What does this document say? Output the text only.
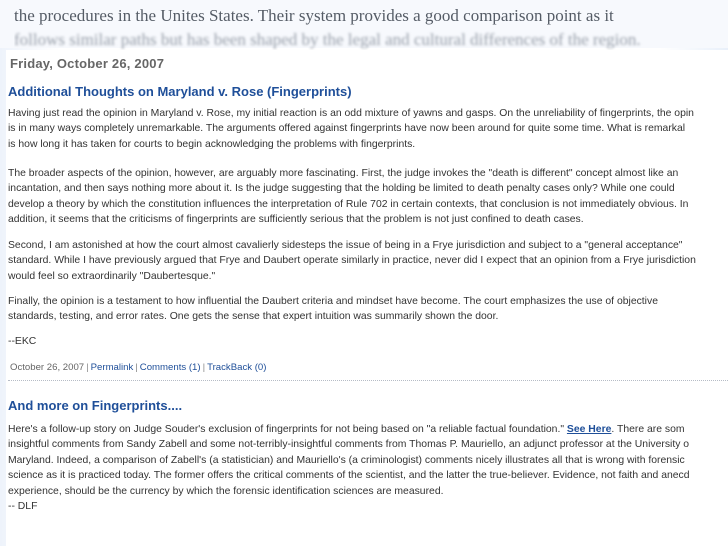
the procedures in the Unites States. Their system provides a good comparison point as it
follows similar paths but has been shaped by the legal and cultural differences of the region.
Friday, October 26, 2007
Additional Thoughts on Maryland v. Rose (Fingerprints)
Having just read the opinion in Maryland v. Rose, my initial reaction is an odd mixture of yawns and gasps. On the unreliability of fingerprints, the opin
is in many ways completely unremarkable. The arguments offered against fingerprints have now been around for quite some time. What is remarkal
is how long it has taken for courts to begin acknowledging the problems with fingerprints.
The broader aspects of the opinion, however, are arguably more fascinating. First, the judge invokes the "death is different" concept almost like an
incantation, and then says nothing more about it. Is the judge suggesting that the holding be limited to death penalty cases only? While one could
develop a theory by which the constitution influences the interpretation of Rule 702 in certain contexts, that conclusion is not immediately obvious. In
addition, it seems that the criticisms of fingerprints are sufficiently serious that the problem is not just confined to death cases.
Second, I am astonished at how the court almost cavalierly sidesteps the issue of being in a Frye jurisdiction and subject to a "general acceptance"
standard. While I have previously argued that Frye and Daubert operate similarly in practice, never did I expect that an opinion from a Frye jurisdiction
would feel so extraordinarily "Daubertesque."
Finally, the opinion is a testament to how influential the Daubert criteria and mindset have become. The court emphasizes the use of objective
standards, testing, and error rates. One gets the sense that expert intuition was summarily shown the door.
--EKC
October 26, 2007 | Permalink | Comments (1) | TrackBack (0)
And more on Fingerprints....
Here's a follow-up story on Judge Souder's exclusion of fingerprints for not being based on "a reliable factual foundation." See Here. There are som
insightful comments from Sandy Zabell and some not-terribly-insightful comments from Thomas P. Mauriello, an adjunct professor at the University o
Maryland. Indeed, a comparison of Zabell's (a statistician) and Mauriello's (a criminologist) comments nicely illustrates all that is wrong with forensic
science as it is practiced today. The former offers the critical comments of the scientist, and the latter the true-believer. Evidence, not faith and anecd
experience, should be the currency by which the forensic identification sciences are measured.
-- DLF
